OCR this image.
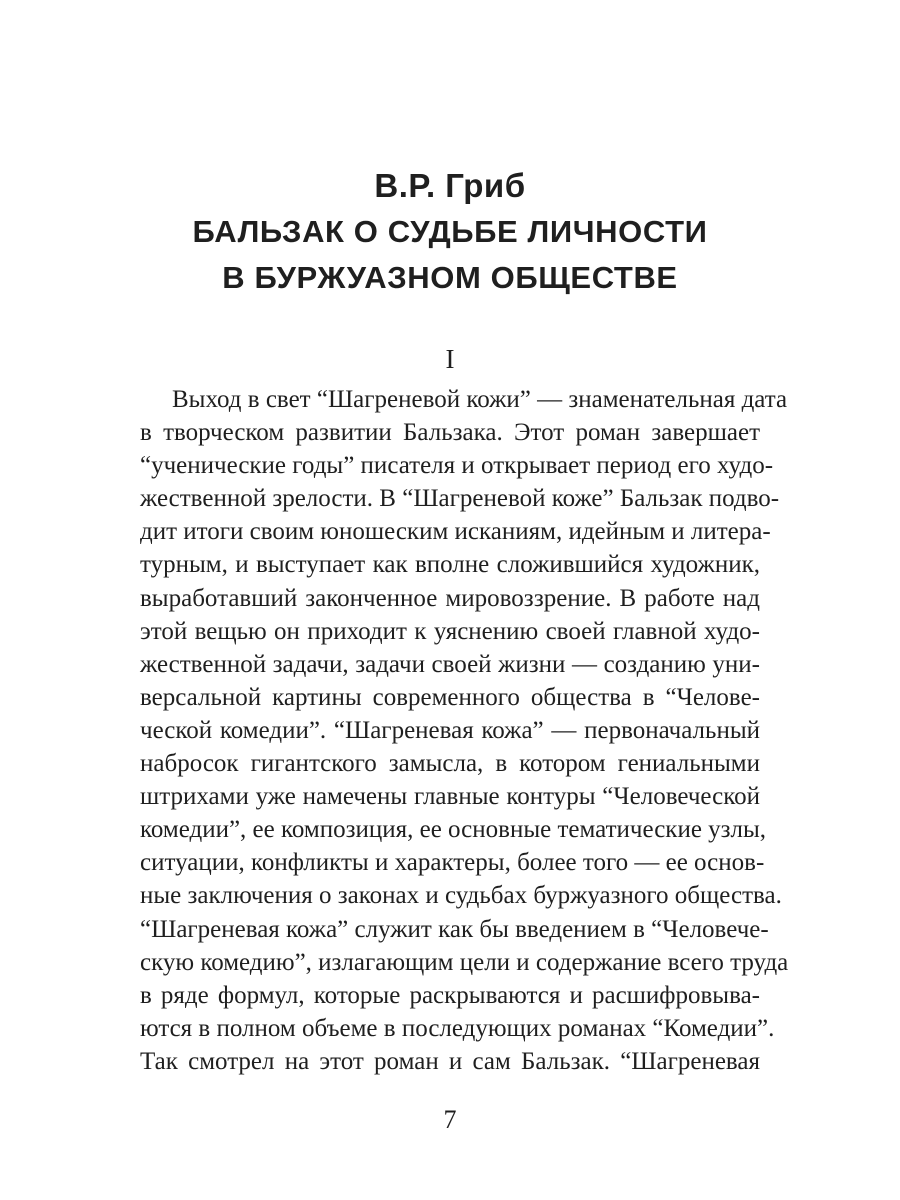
В.Р. Гриб
БАЛЬЗАК О СУДЬБЕ ЛИЧНОСТИ
В БУРЖУАЗНОМ ОБЩЕСТВЕ
I
Выход в свет “Шагреневой кожи” — знаменательная дата
в творческом развитии Бальзака. Этот роман завершает
“ученические годы” писателя и открывает период его худо-
жественной зрелости. В “Шагреневой коже” Бальзак подво-
дит итоги своим юношеским исканиям, идейным и литера-
турным, и выступает как вполне сложившийся художник,
выработавший законченное мировоззрение. В работе над
этой вещью он приходит к уяснению своей главной худо-
жественной задачи, задачи своей жизни — созданию уни-
версальной картины современного общества в “Челове-
ческой комедии”. “Шагреневая кожа” — первоначальный
набросок гигантского замысла, в котором гениальными
штрихами уже намечены главные контуры “Человеческой
комедии”, ее композиция, ее основные тематические узлы,
ситуации, конфликты и характеры, более того — ее основ-
ные заключения о законах и судьбах буржуазного общества.
“Шагреневая кожа” служит как бы введением в “Человече-
скую комедию”, излагающим цели и содержание всего труда
в ряде формул, которые раскрываются и расшифровыва-
ются в полном объеме в последующих романах “Комедии”.
Так смотрел на этот роман и сам Бальзак. “Шагреневая
7
